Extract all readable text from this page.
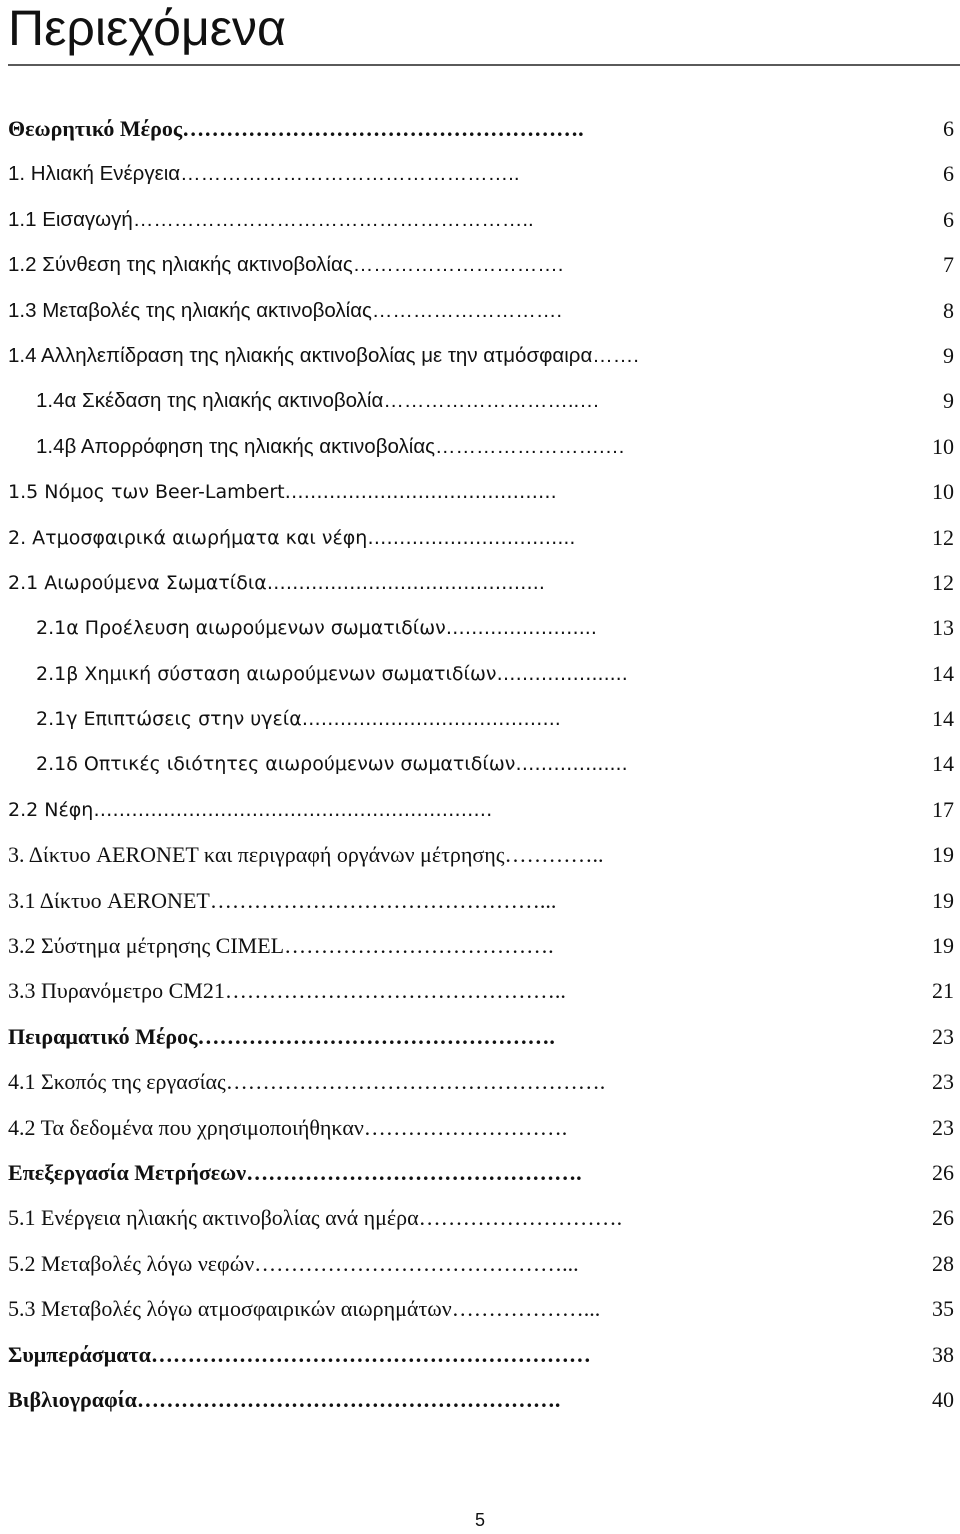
Περιεχόμενα
Θεωρητικό Μέρος……………………………………………….	6
1. Ηλιακή Ενέργεια…………………………………………..	6
1.1 Εισαγωγή…………………………………………………..	6
1.2 Σύνθεση της ηλιακής ακτινοβολίας………………………….	7
1.3 Μεταβολές της ηλιακής ακτινοβολίας……………………….	8
1.4 Αλληλεπίδραση της ηλιακής ακτινοβολίας με την ατμόσφαιρα…….	9
1.4α Σκέδαση της ηλιακής ακτινοβολία………………………..…	9
1.4β Απορρόφηση της ηλιακής ακτινοβολίας…………………….…	10
1.5 Νόμος των Beer-Lambert…………………………………….	10
2. Ατμοσφαιρικά αιωρήματα και νέφη…………………………...	12
2.1 Αιωρούμενα Σωματίδια……………………………………..	12
2.1α Προέλευση αιωρούμενων σωματιδίων…………………...	13
2.1β Χημική σύσταση αιωρούμενων σωματιδίων……………......	14
2.1γ Επιπτώσεις στην υγεία…………………………………..	14
2.1δ Οπτικές ιδιότητες αιωρούμενων σωματιδίων…………......	14
2.2 Νέφη………………………………………………………	17
3. Δίκτυο AERONET και περιγραφή οργάνων μέτρησης…………..	19
3.1 Δίκτυο AERONET………………………………………...	19
3.2 Σύστημα μέτρησης CIMEL……………………………….	19
3.3 Πυρανόμετρο CM21………………………………………..	21
Πειραματικό Μέρος………………………………………….	23
4.1 Σκοπός της εργασίας…………………………………………….	23
4.2 Τα δεδομένα που χρησιμοποιήθηκαν……………………….	23
Επεξεργασία Μετρήσεων……………………………………….	26
5.1 Ενέργεια ηλιακής ακτινοβολίας ανά ημέρα……………………….	26
5.2 Μεταβολές λόγω νεφών……………………………………...	28
5.3 Μεταβολές λόγω ατμοσφαιρικών αιωρημάτων………………...	35
Συμπεράσματα……………………………………………………	38
Βιβλιογραφία………………………………………………….	40
5
